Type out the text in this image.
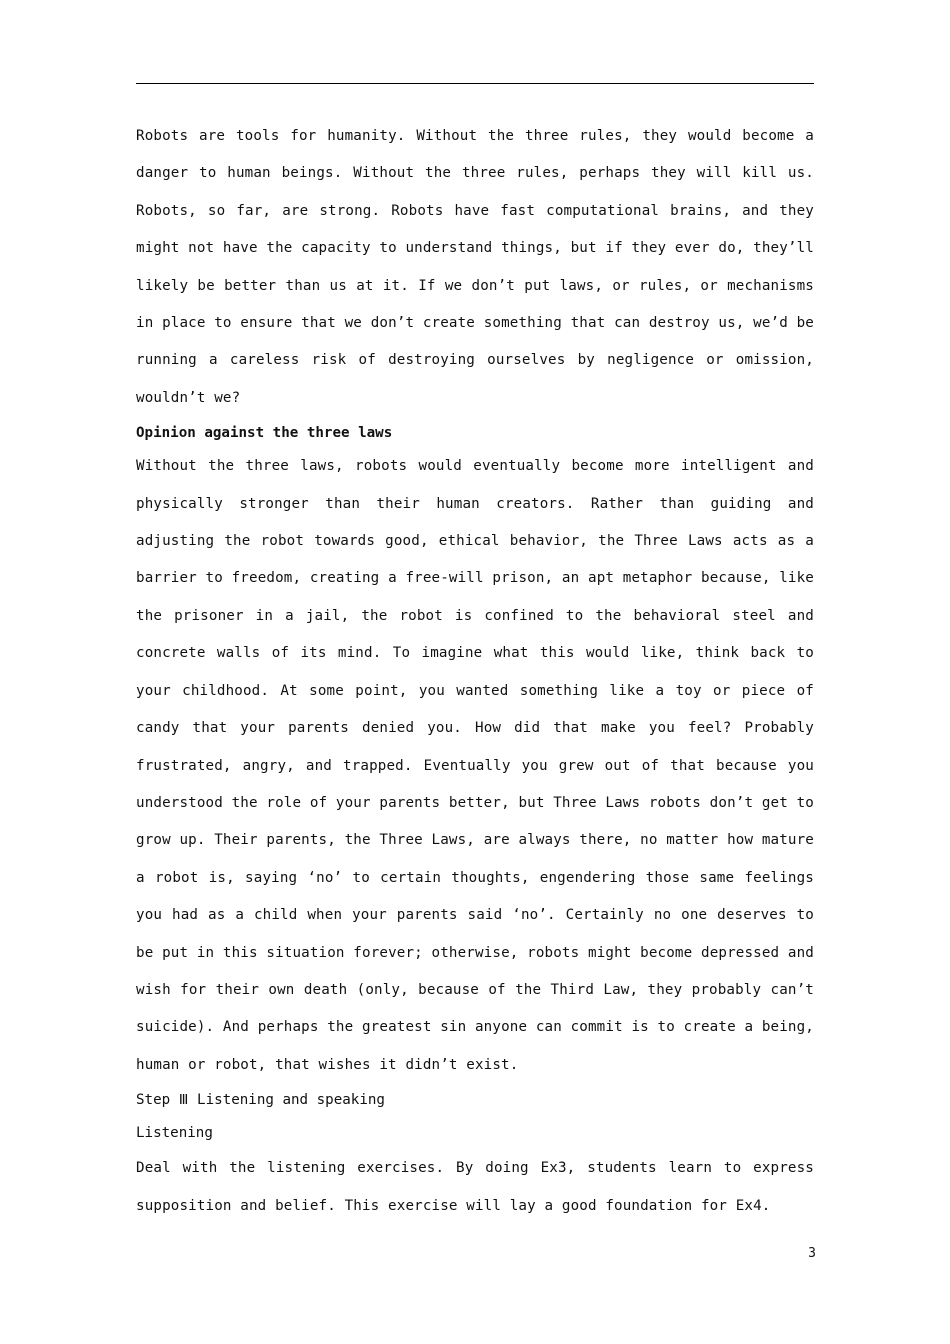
Robots are tools for humanity. Without the three rules, they would become a danger to human beings. Without the three rules, perhaps they will kill us. Robots, so far, are strong. Robots have fast computational brains, and they might not have the capacity to understand things, but if they ever do, they’ll likely be better than us at it. If we don’t put laws, or rules, or mechanisms in place to ensure that we don’t create something that can destroy us, we’d be running a careless risk of destroying ourselves by negligence or omission, wouldn’t we?

Opinion against the three laws

Without the three laws, robots would eventually become more intelligent and physically stronger than their human creators. Rather than guiding and adjusting the robot towards good, ethical behavior, the Three Laws acts as a barrier to freedom, creating a free-will prison, an apt metaphor because, like the prisoner in a jail, the robot is confined to the behavioral steel and concrete walls of its mind. To imagine what this would like, think back to your childhood. At some point, you wanted something like a toy or piece of candy that your parents denied you. How did that make you feel? Probably frustrated, angry, and trapped. Eventually you grew out of that because you understood the role of your parents better, but Three Laws robots don’t get to grow up. Their parents, the Three Laws, are always there, no matter how mature a robot is, saying ‘no’ to certain thoughts, engendering those same feelings you had as a child when your parents said ‘no’. Certainly no one deserves to be put in this situation forever; otherwise, robots might become depressed and wish for their own death (only, because of the Third Law, they probably can’t suicide). And perhaps the greatest sin anyone can commit is to create a being, human or robot, that wishes it didn’t exist.

Step Ⅲ Listening and speaking

Listening

Deal with the listening exercises. By doing Ex3, students learn to express supposition and belief. This exercise will lay a good foundation for Ex4.

3
